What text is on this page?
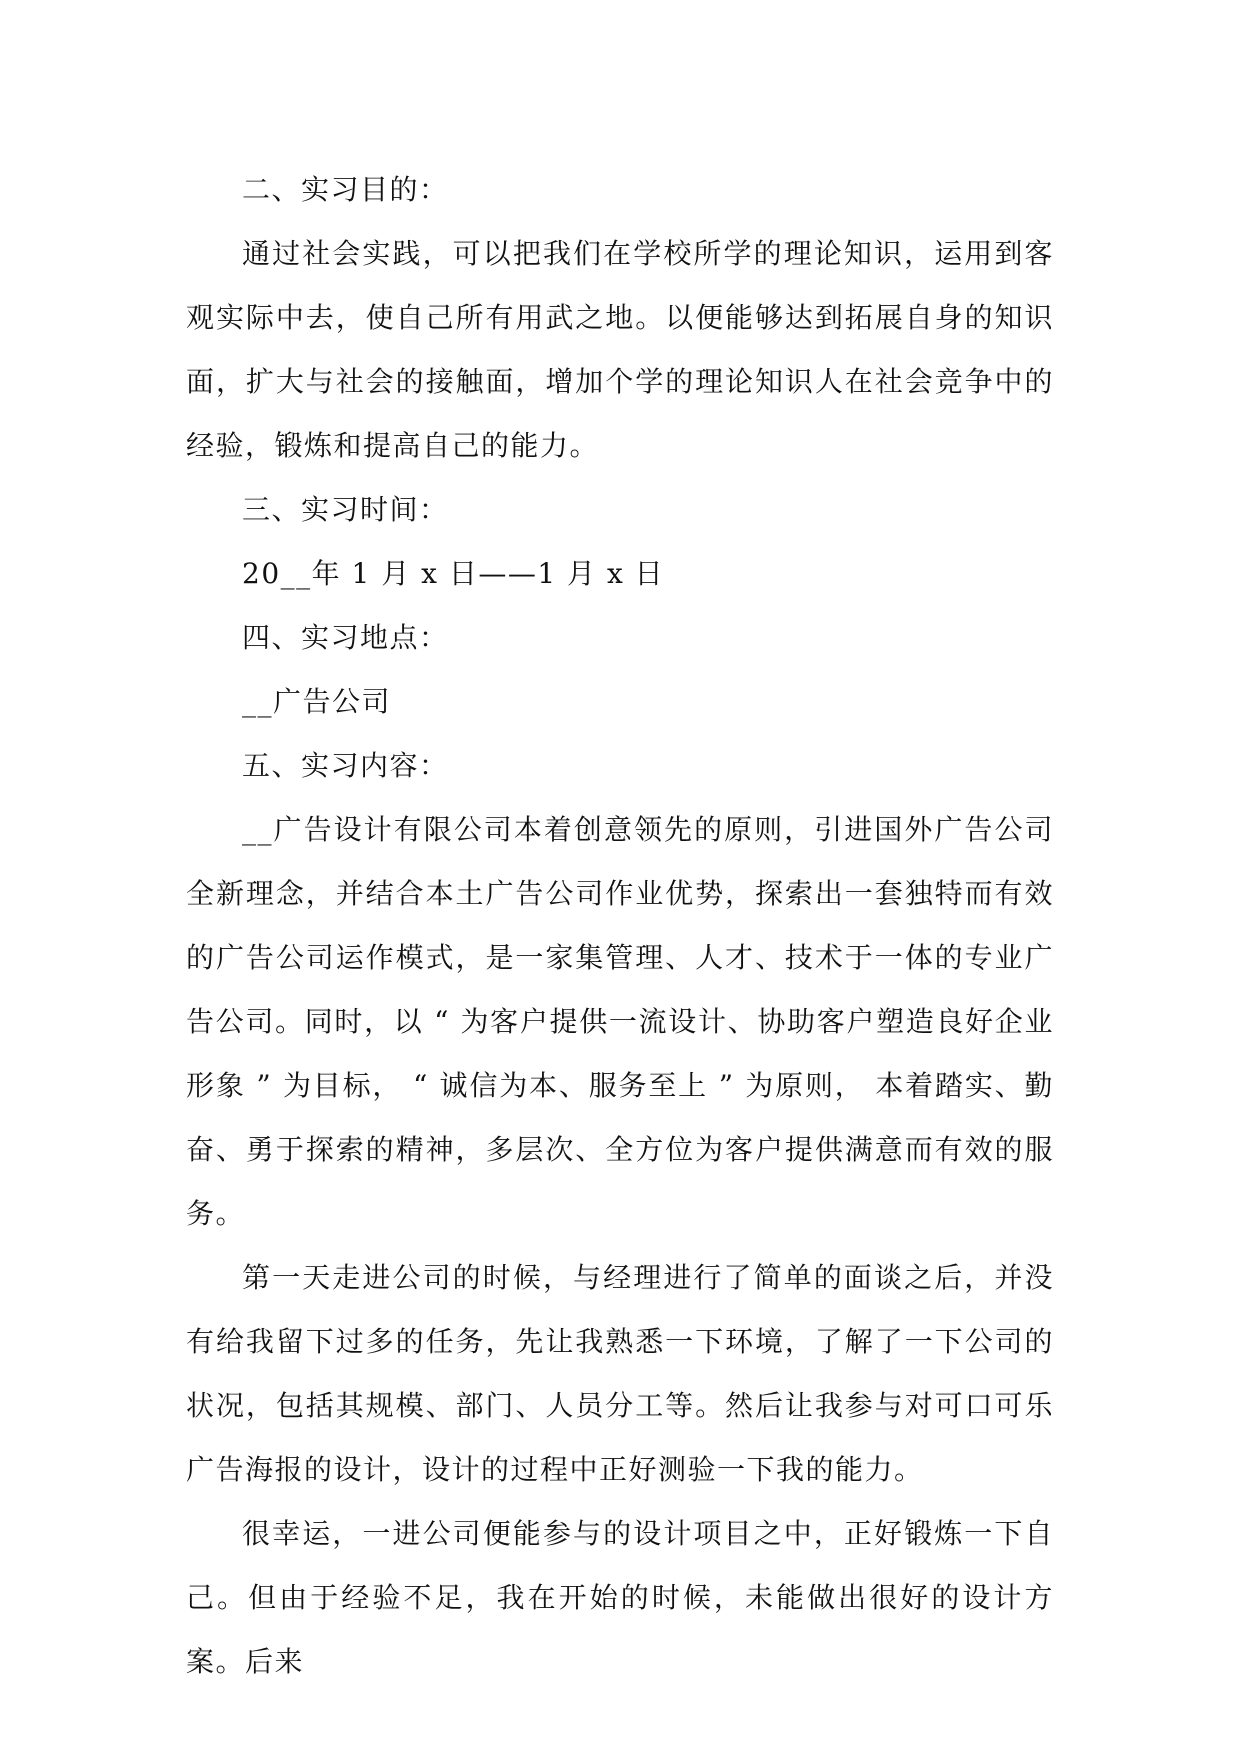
二、实习目的：

通过社会实践，可以把我们在学校所学的理论知识，运用到客观实际中去，使自己所有用武之地。以便能够达到拓展自身的知识面，扩大与社会的接触面，增加个学的理论知识人在社会竞争中的经验，锻炼和提高自己的能力。

三、实习时间：

20__年 1 月 x 日——1 月 x 日

四、实习地点：

__广告公司

五、实习内容：

__广告设计有限公司本着创意领先的原则，引进国外广告公司全新理念，并结合本土广告公司作业优势，探索出一套独特而有效的广告公司运作模式，是一家集管理、人才、技术于一体的专业广告公司。同时，以 “ 为客户提供一流设计、协助客户塑造良好企业形象 ” 为目标， “ 诚信为本、服务至上 ” 为原则， 本着踏实、勤奋、勇于探索的精神，多层次、全方位为客户提供满意而有效的服务。

第一天走进公司的时候，与经理进行了简单的面谈之后，并没有给我留下过多的任务，先让我熟悉一下环境，了解了一下公司的状况，包括其规模、部门、人员分工等。然后让我参与对可口可乐广告海报的设计，设计的过程中正好测验一下我的能力。

很幸运，一进公司便能参与的设计项目之中，正好锻炼一下自己。但由于经验不足，我在开始的时候，未能做出很好的设计方案。后来
